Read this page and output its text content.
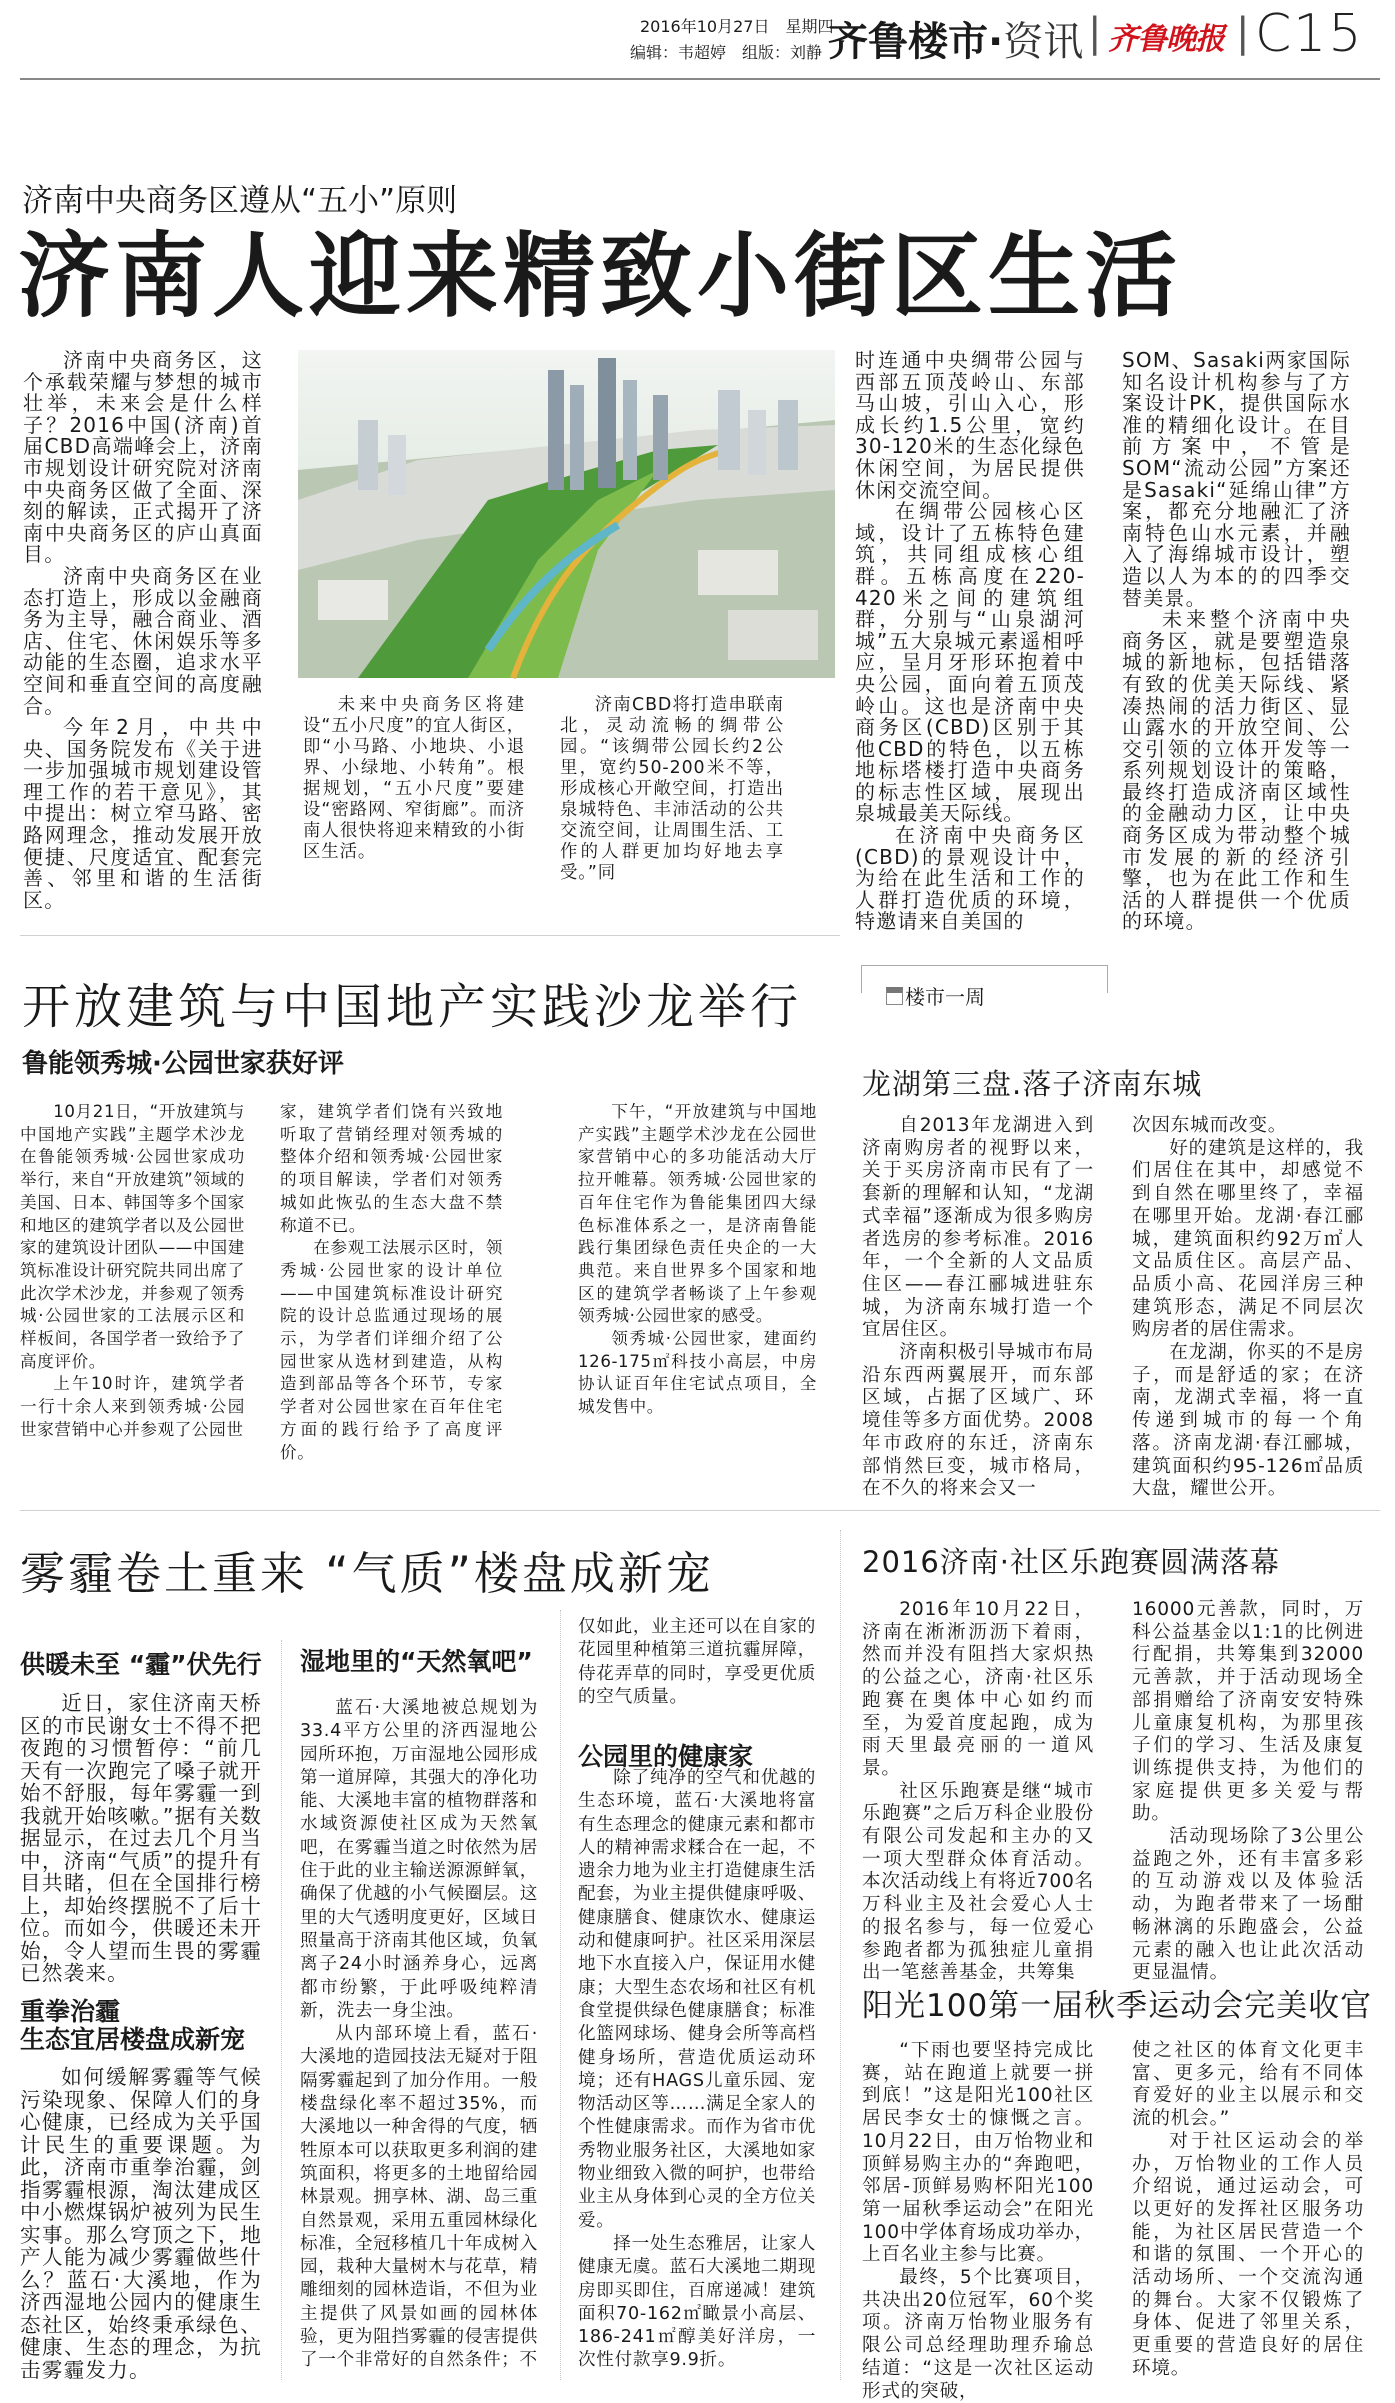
2016年10月27日　星期四
编辑：韦超婷　组版：刘静 齐鲁楼市·资讯 | 齐鲁晚报 | C15
济南中央商务区遵从“五小”原则
济南人迎来精致小街区生活

济南中央商务区，这个承载荣耀与梦想的城市壮举，未来会是什么样子？2016中国(济南)首届CBD高端峰会上，济南市规划设计研究院对济南中央商务区做了全面、深刻的解读，正式揭开了济南中央商务区的庐山真面目。

济南中央商务区在业态打造上，形成以金融商务为主导，融合商业、酒店、住宅、休闲娱乐等多动能的生态圈，追求水平空间和垂直空间的高度融合。

今年2月，中共中央、国务院发布《关于进一步加强城市规划建设管理工作的若干意见》，其中提出：树立窄马路、密路网理念，推动发展开放便捷、尺度适宜、配套完善、邻里和谐的生活街区。

未来中央商务区将建设“五小尺度”的宜人街区，即“小马路、小地块、小退界、小绿地、小转角”。根据规划，“五小尺度”要建设“密路网、窄街廊”。而济南人很快将迎来精致的小街区生活。

济南CBD将打造串联南北，灵动流畅的绸带公园。“该绸带公园长约2公里，宽约50-200米不等，形成核心开敞空间，打造出泉城特色、丰沛活动的公共交流空间，让周围生活、工作的人群更加均好地去享受。”同

时连通中央绸带公园与西部五顶茂岭山、东部马山坡，引山入心，形成长约1.5公里，宽约30-120米的生态化绿色休闲空间，为居民提供休闲交流空间。

在绸带公园核心区域，设计了五栋特色建筑，共同组成核心组群。五栋高度在220-420米之间的建筑组群，分别与“山泉湖河城”五大泉城元素遥相呼应，呈月牙形环抱着中央公园，面向着五顶茂岭山。这也是济南中央商务区(CBD)区别于其他CBD的特色，以五栋地标塔楼打造中央商务的标志性区域，展现出泉城最美天际线。

在济南中央商务区(CBD)的景观设计中，为给在此生活和工作的人群打造优质的环境，特邀请来自美国的

SOM、Sasaki两家国际知名设计机构参与了方案设计PK，提供国际水准的精细化设计。在目前方案中，不管是SOM“流动公园”方案还是Sasaki“延绵山律”方案，都充分地融汇了济南特色山水元素，并融入了海绵城市设计，塑造以人为本的的四季交替美景。

未来整个济南中央商务区，就是要塑造泉城的新地标，包括错落有致的优美天际线、紧凑热闹的活力街区、显山露水的开放空间、公交引领的立体开发等一系列规划设计的策略，最终打造成济南区域性的金融动力区，让中央商务区成为带动整个城市发展的新的经济引擎，也为在此工作和生活的人群提供一个优质的环境。

开放建筑与中国地产实践沙龙举行
鲁能领秀城·公园世家获好评

10月21日，“开放建筑与中国地产实践”主题学术沙龙在鲁能领秀城·公园世家成功举行，来自“开放建筑”领域的美国、日本、韩国等多个国家和地区的建筑学者以及公园世家的建筑设计团队——中国建筑标准设计研究院共同出席了此次学术沙龙，并参观了领秀城·公园世家的工法展示区和样板间，各国学者一致给予了高度评价。

上午10时许，建筑学者一行十余人来到领秀城·公园世家营销中心并参观了公园世

家，建筑学者们饶有兴致地听取了营销经理对领秀城的整体介绍和领秀城·公园世家的项目解读，学者们对领秀城如此恢弘的生态大盘不禁称道不已。

在参观工法展示区时，领秀城·公园世家的设计单位——中国建筑标准设计研究院的设计总监通过现场的展示，为学者们详细介绍了公园世家从选材到建造，从构造到部品等各个环节，专家学者对公园世家在百年住宅方面的践行给予了高度评价。

下午，“开放建筑与中国地产实践”主题学术沙龙在公园世家营销中心的多功能活动大厅拉开帷幕。领秀城·公园世家的百年住宅作为鲁能集团四大绿色标准体系之一，是济南鲁能践行集团绿色责任央企的一大典范。来自世界多个国家和地区的建筑学者畅谈了上午参观领秀城·公园世家的感受。

领秀城·公园世家，建面约126-175㎡科技小高层，中房协认证百年住宅试点项目，全城发售中。

楼市一周
龙湖第三盘.落子济南东城

自2013年龙湖进入到济南购房者的视野以来，关于买房济南市民有了一套新的理解和认知，“龙湖式幸福”逐渐成为很多购房者选房的参考标准。2016年，一个全新的人文品质住区——春江郦城进驻东城，为济南东城打造一个宜居住区。

济南积极引导城市布局沿东西两翼展开，而东部区域，占据了区域广、环境佳等多方面优势。2008年市政府的东迁，济南东部悄然巨变，城市格局，在不久的将来会又一

次因东城而改变。

好的建筑是这样的，我们居住在其中，却感觉不到自然在哪里终了，幸福在哪里开始。龙湖·春江郦城，建筑面积约92万㎡人文品质住区。高层产品、品质小高、花园洋房三种建筑形态，满足不同层次购房者的居住需求。

在龙湖，你买的不是房子，而是舒适的家；在济南，龙湖式幸福，将一直传递到城市的每一个角落。济南龙湖·春江郦城，建筑面积约95-126㎡品质大盘，耀世公开。

雾霾卷土重来 “气质”楼盘成新宠
供暖未至 “霾”伏先行

近日，家住济南天桥区的市民谢女士不得不把夜跑的习惯暂停：“前几天有一次跑完了嗓子就开始不舒服，每年雾霾一到我就开始咳嗽。”据有关数据显示，在过去几个月当中，济南“气质”的提升有目共睹，但在全国排行榜上，却始终摆脱不了后十位。而如今，供暖还未开始，令人望而生畏的雾霾已然袭来。

重拳治霾
生态宜居楼盘成新宠

如何缓解雾霾等气候污染现象、保障人们的身心健康，已经成为关乎国计民生的重要课题。为此，济南市重拳治霾，剑指雾霾根源，淘汰建成区中小燃煤锅炉被列为民生实事。那么穹顶之下，地产人能为减少雾霾做些什么？蓝石·大溪地，作为济西湿地公园内的健康生态社区，始终秉承绿色、健康、生态的理念，为抗击雾霾发力。

湿地里的“天然氧吧”

蓝石·大溪地被总规划为33.4平方公里的济西湿地公园所环抱，万亩湿地公园形成第一道屏障，其强大的净化功能、大溪地丰富的植物群落和水域资源使社区成为天然氧吧，在雾霾当道之时依然为居住于此的业主输送源源鲜氧，确保了优越的小气候圈层。这里的大气透明度更好，区域日照量高于济南其他区域，负氧离子24小时涵养身心，远离都市纷繁，于此呼吸纯粹清新，洗去一身尘浊。

从内部环境上看，蓝石·大溪地的造园技法无疑对于阻隔雾霾起到了加分作用。一般楼盘绿化率不超过35%，而大溪地以一种舍得的气度，牺牲原本可以获取更多利润的建筑面积，将更多的土地留给园林景观。拥享林、湖、岛三重自然景观，采用五重园林绿化标准，全冠移植几十年成树入园，栽种大量树木与花草，精雕细刻的园林造诣，不但为业主提供了风景如画的园林体验，更为阻挡雾霾的侵害提供了一个非常好的自然条件；不

仅如此，业主还可以在自家的花园里种植第三道抗霾屏障，侍花弄草的同时，享受更优质的空气质量。

公园里的健康家

除了纯净的空气和优越的生态环境，蓝石·大溪地将富有生态理念的健康元素和都市人的精神需求糅合在一起，不遗余力地为业主打造健康生活配套，为业主提供健康呼吸、健康膳食、健康饮水、健康运动和健康呵护。社区采用深层地下水直接入户，保证用水健康；大型生态农场和社区有机食堂提供绿色健康膳食；标准化篮网球场、健身会所等高档健身场所，营造优质运动环境；还有HAGS儿童乐园、宠物活动区等……满足全家人的个性健康需求。而作为省市优秀物业服务社区，大溪地如家物业细致入微的呵护，也带给业主从身体到心灵的全方位关爱。

择一处生态雅居，让家人健康无虞。蓝石大溪地二期现房即买即住，百席递减！建筑面积70-162㎡瞰景小高层、186-241㎡醇美好洋房，一次性付款享9.9折。

2016济南·社区乐跑赛圆满落幕

2016年10月22日，济南在淅淅沥沥下着雨，然而并没有阻挡大家炽热的公益之心，济南·社区乐跑赛在奥体中心如约而至，为爱首度起跑，成为雨天里最亮丽的一道风景。

社区乐跑赛是继“城市乐跑赛”之后万科企业股份有限公司发起和主办的又一项大型群众体育活动。本次活动线上有将近700名万科业主及社会爱心人士的报名参与，每一位爱心参跑者都为孤独症儿童捐出一笔慈善基金，共筹集

16000元善款，同时，万科公益基金以1:1的比例进行配捐，共筹集到32000元善款，并于活动现场全部捐赠给了济南安安特殊儿童康复机构，为那里孩子们的学习、生活及康复训练提供支持，为他们的家庭提供更多关爱与帮助。

活动现场除了3公里公益跑之外，还有丰富多彩的互动游戏以及体验活动，为跑者带来了一场酣畅淋漓的乐跑盛会，公益元素的融入也让此次活动更显温情。

阳光100第一届秋季运动会完美收官

“下雨也要坚持完成比赛，站在跑道上就要一拼到底！”这是阳光100社区居民李女士的慷慨之言。10月22日，由万怡物业和顶鲜易购主办的“奔跑吧，邻居-顶鲜易购杯阳光100第一届秋季运动会”在阳光100中学体育场成功举办，上百名业主参与比赛。

最终，5个比赛项目，共决出20位冠军，60个奖项。济南万怡物业服务有限公司总经理助理乔瑜总结道：“这是一次社区运动形式的突破，

使之社区的体育文化更丰富、更多元，给有不同体育爱好的业主以展示和交流的机会。”

对于社区运动会的举办，万怡物业的工作人员介绍说，通过运动会，可以更好的发挥社区服务功能，为社区居民营造一个和谐的氛围、一个开心的活动场所、一个交流沟通的舞台。大家不仅锻炼了身体、促进了邻里关系，更重要的营造良好的居住环境。
